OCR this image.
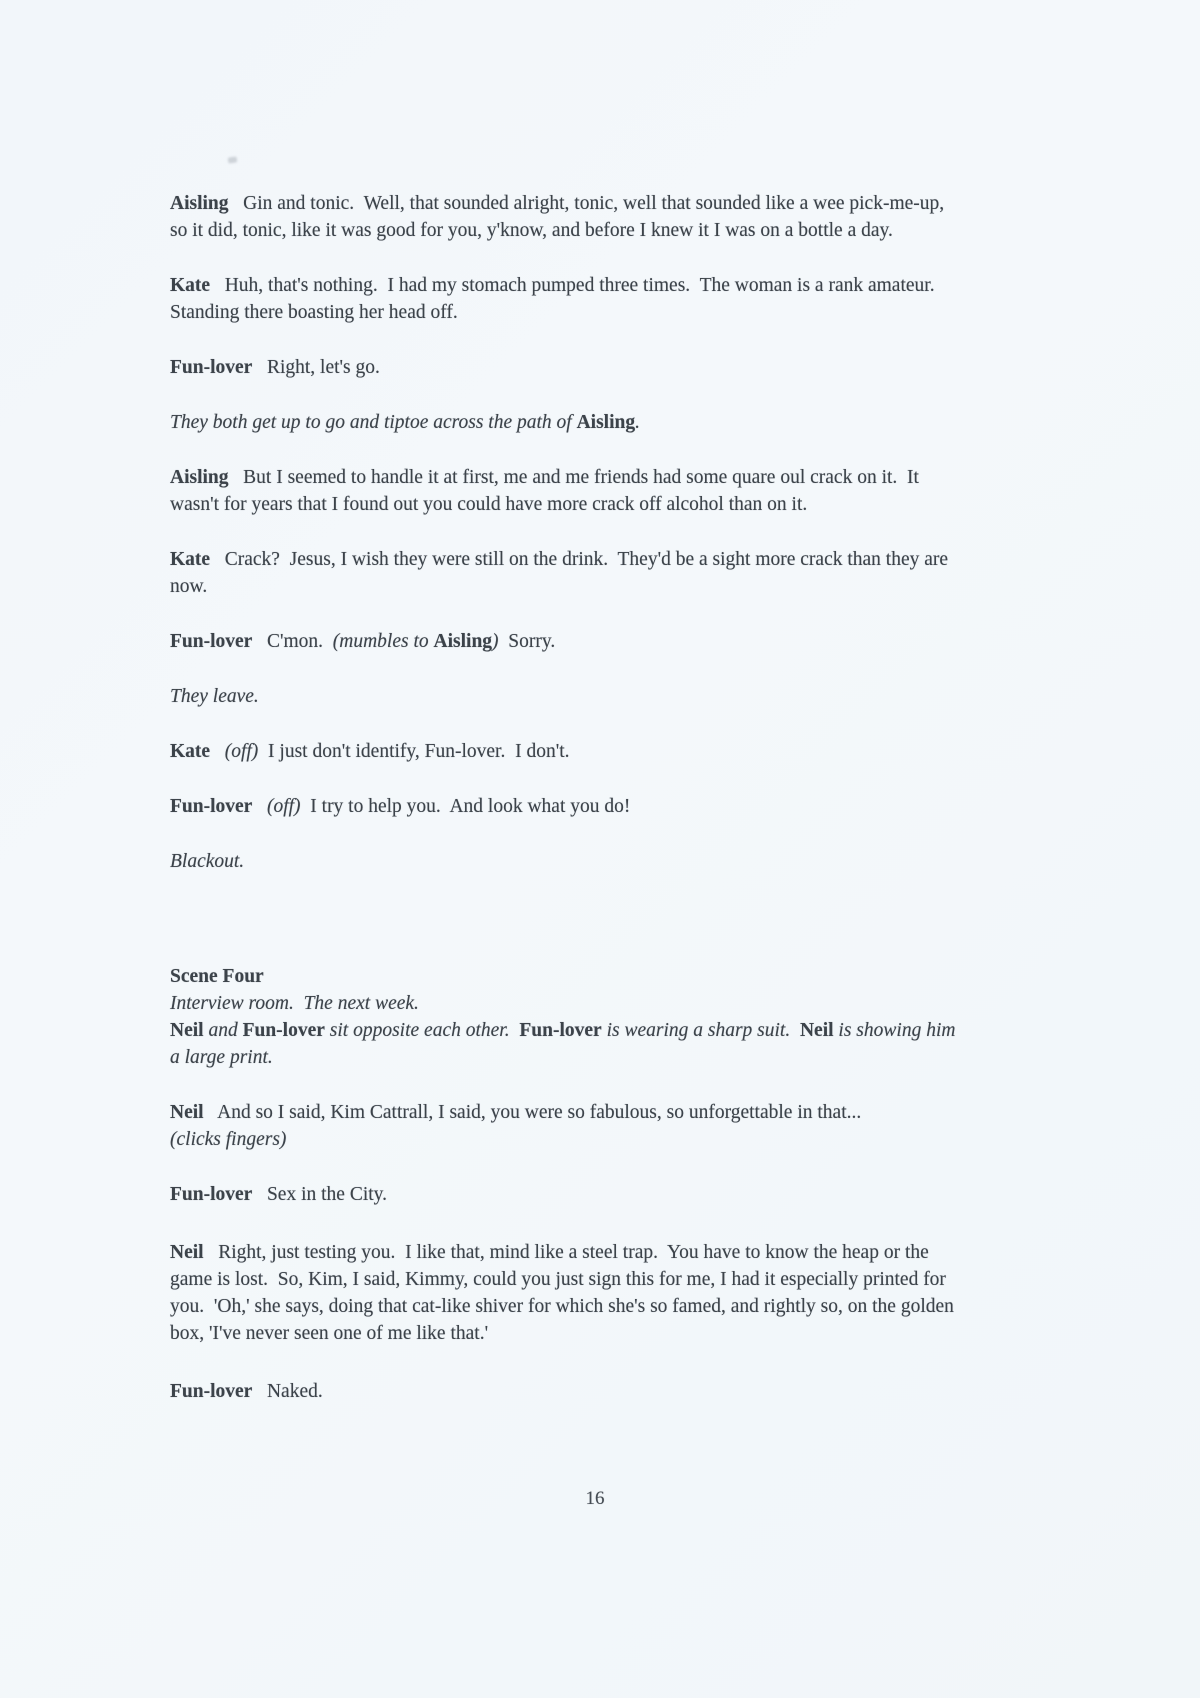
Aisling   Gin and tonic.  Well, that sounded alright, tonic, well that sounded like a wee pick-me-up, so it did, tonic, like it was good for you, y'know, and before I knew it I was on a bottle a day.

Kate   Huh, that's nothing.  I had my stomach pumped three times.  The woman is a rank amateur.  Standing there boasting her head off.

Fun-lover   Right, let's go.

They both get up to go and tiptoe across the path of Aisling.

Aisling   But I seemed to handle it at first, me and me friends had some quare oul crack on it.  It wasn't for years that I found out you could have more crack off alcohol than on it.

Kate   Crack?  Jesus, I wish they were still on the drink.  They'd be a sight more crack than they are now.

Fun-lover   C'mon.  (mumbles to Aisling)  Sorry.

They leave.

Kate (off)  I just don't identify, Fun-lover.  I don't.

Fun-lover (off)  I try to help you.  And look what you do!

Blackout.

Scene Four

Interview room.  The next week.

Neil and Fun-lover sit opposite each other.  Fun-lover is wearing a sharp suit.  Neil is showing him a large print.

Neil   And so I said, Kim Cattrall, I said, you were so fabulous, so unforgettable in that...
(clicks fingers)

Fun-lover   Sex in the City.

Neil   Right, just testing you.  I like that, mind like a steel trap.  You have to know the heap or the game is lost.  So, Kim, I said, Kimmy, could you just sign this for me, I had it especially printed for you.  'Oh,' she says, doing that cat-like shiver for which she's so famed, and rightly so, on the golden box, 'I've never seen one of me like that.'

Fun-lover   Naked.

16
